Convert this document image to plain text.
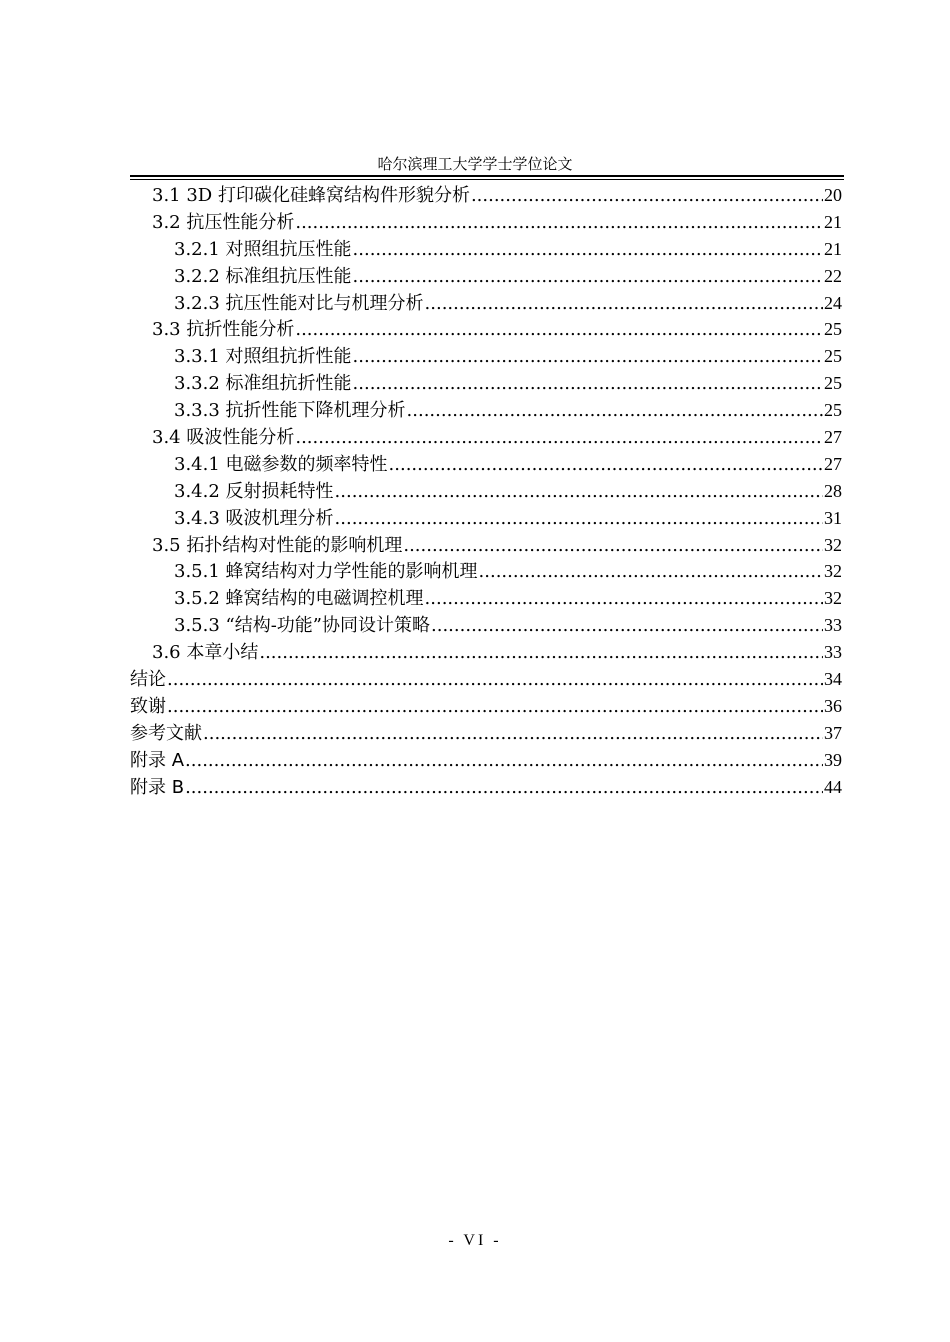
哈尔滨理工大学学士学位论文
3.1 3D 打印碳化硅蜂窝结构件形貌分析 .....	20
3.2 抗压性能分析 .....	21
3.2.1 对照组抗压性能 .....	21
3.2.2 标准组抗压性能 .....	22
3.2.3 抗压性能对比与机理分析 .....	24
3.3 抗折性能分析 .....	25
3.3.1 对照组抗折性能 .....	25
3.3.2 标准组抗折性能 .....	25
3.3.3 抗折性能下降机理分析 .....	25
3.4 吸波性能分析 .....	27
3.4.1 电磁参数的频率特性 .....	27
3.4.2 反射损耗特性 .....	28
3.4.3 吸波机理分析 .....	31
3.5 拓扑结构对性能的影响机理 .....	32
3.5.1 蜂窝结构对力学性能的影响机理 .....	32
3.5.2 蜂窝结构的电磁调控机理 .....	32
3.5.3 “结构-功能”协同设计策略 .....	33
3.6 本章小结 .....	33
结论 .....	34
致谢 .....	36
参考文献 .....	37
附录 A .....	39
附录 B .....	44
- VI -
